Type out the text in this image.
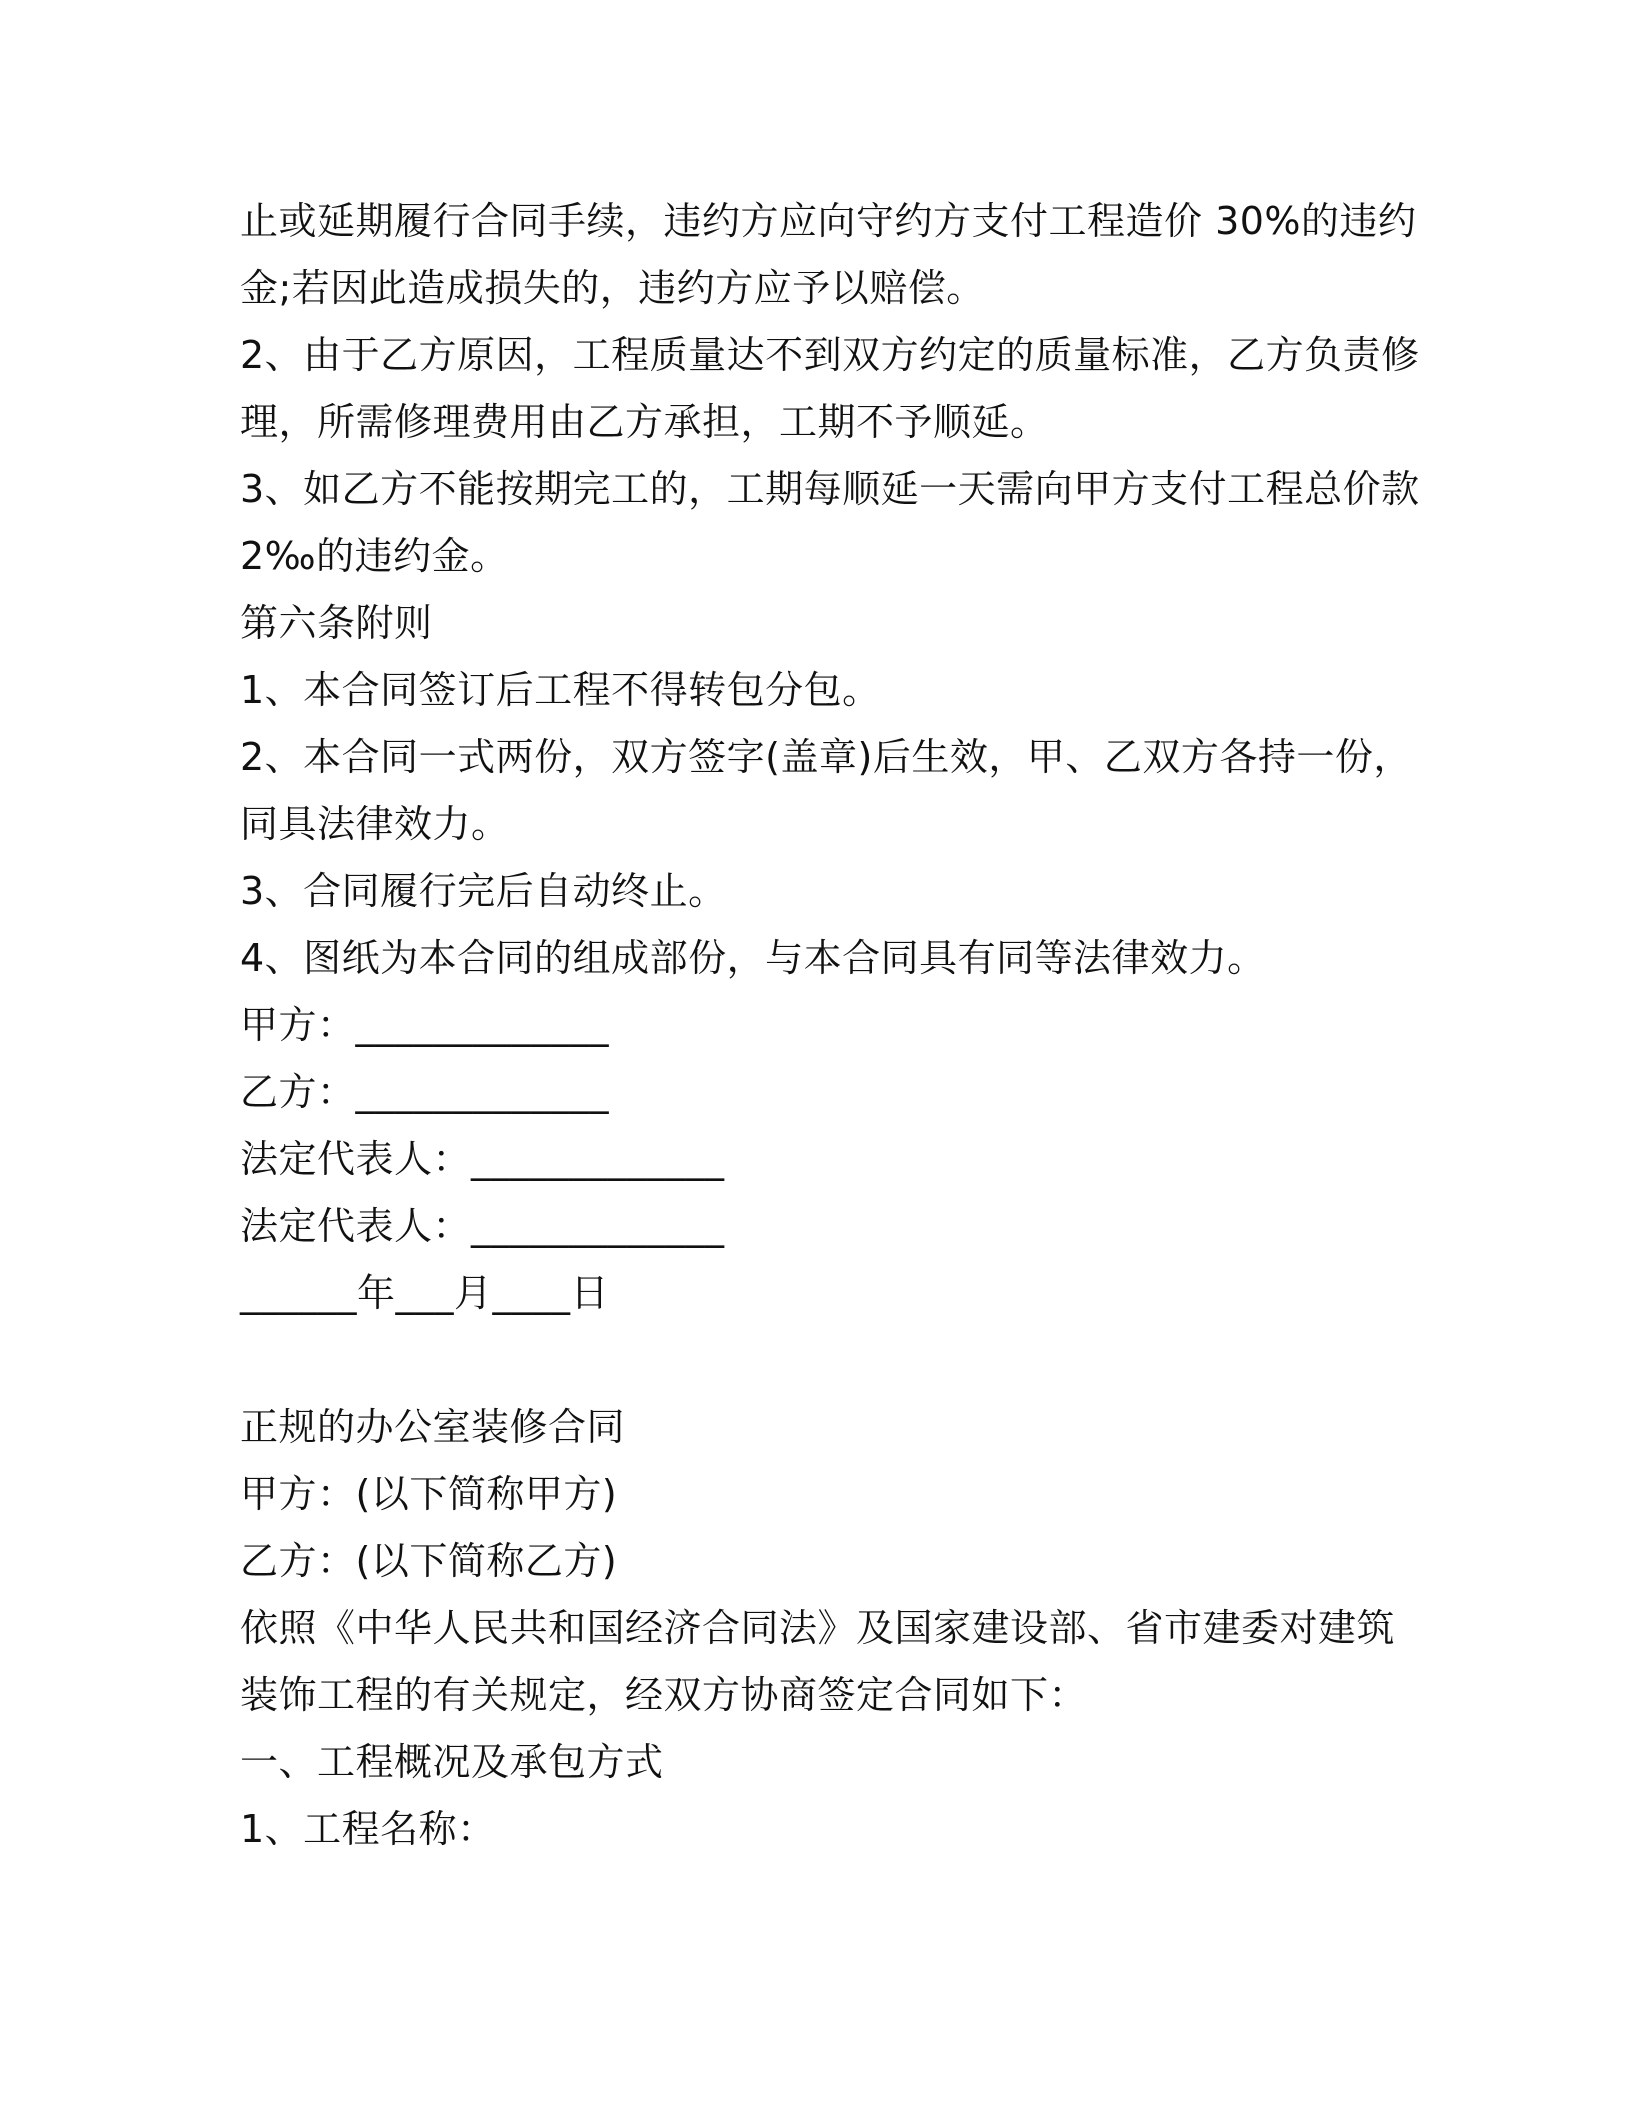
止或延期履行合同手续，违约方应向守约方支付工程造价 30%的违约
金;若因此造成损失的，违约方应予以赔偿。
2、由于乙方原因，工程质量达不到双方约定的质量标准，乙方负责修
理，所需修理费用由乙方承担，工期不予顺延。
3、如乙方不能按期完工的，工期每顺延一天需向甲方支付工程总价款
2‰的违约金。
第六条附则
1、本合同签订后工程不得转包分包。
2、本合同一式两份，双方签字(盖章)后生效，甲、乙双方各持一份，
同具法律效力。
3、合同履行完后自动终止。
4、图纸为本合同的组成部份，与本合同具有同等法律效力。
甲方：_____________
乙方：_____________
法定代表人：_____________
法定代表人：_____________
______年___月____日
正规的办公室装修合同
甲方：(以下简称甲方)
乙方：(以下简称乙方)
依照《中华人民共和国经济合同法》及国家建设部、省市建委对建筑
装饰工程的有关规定，经双方协商签定合同如下：
一、工程概况及承包方式
1、工程名称：
